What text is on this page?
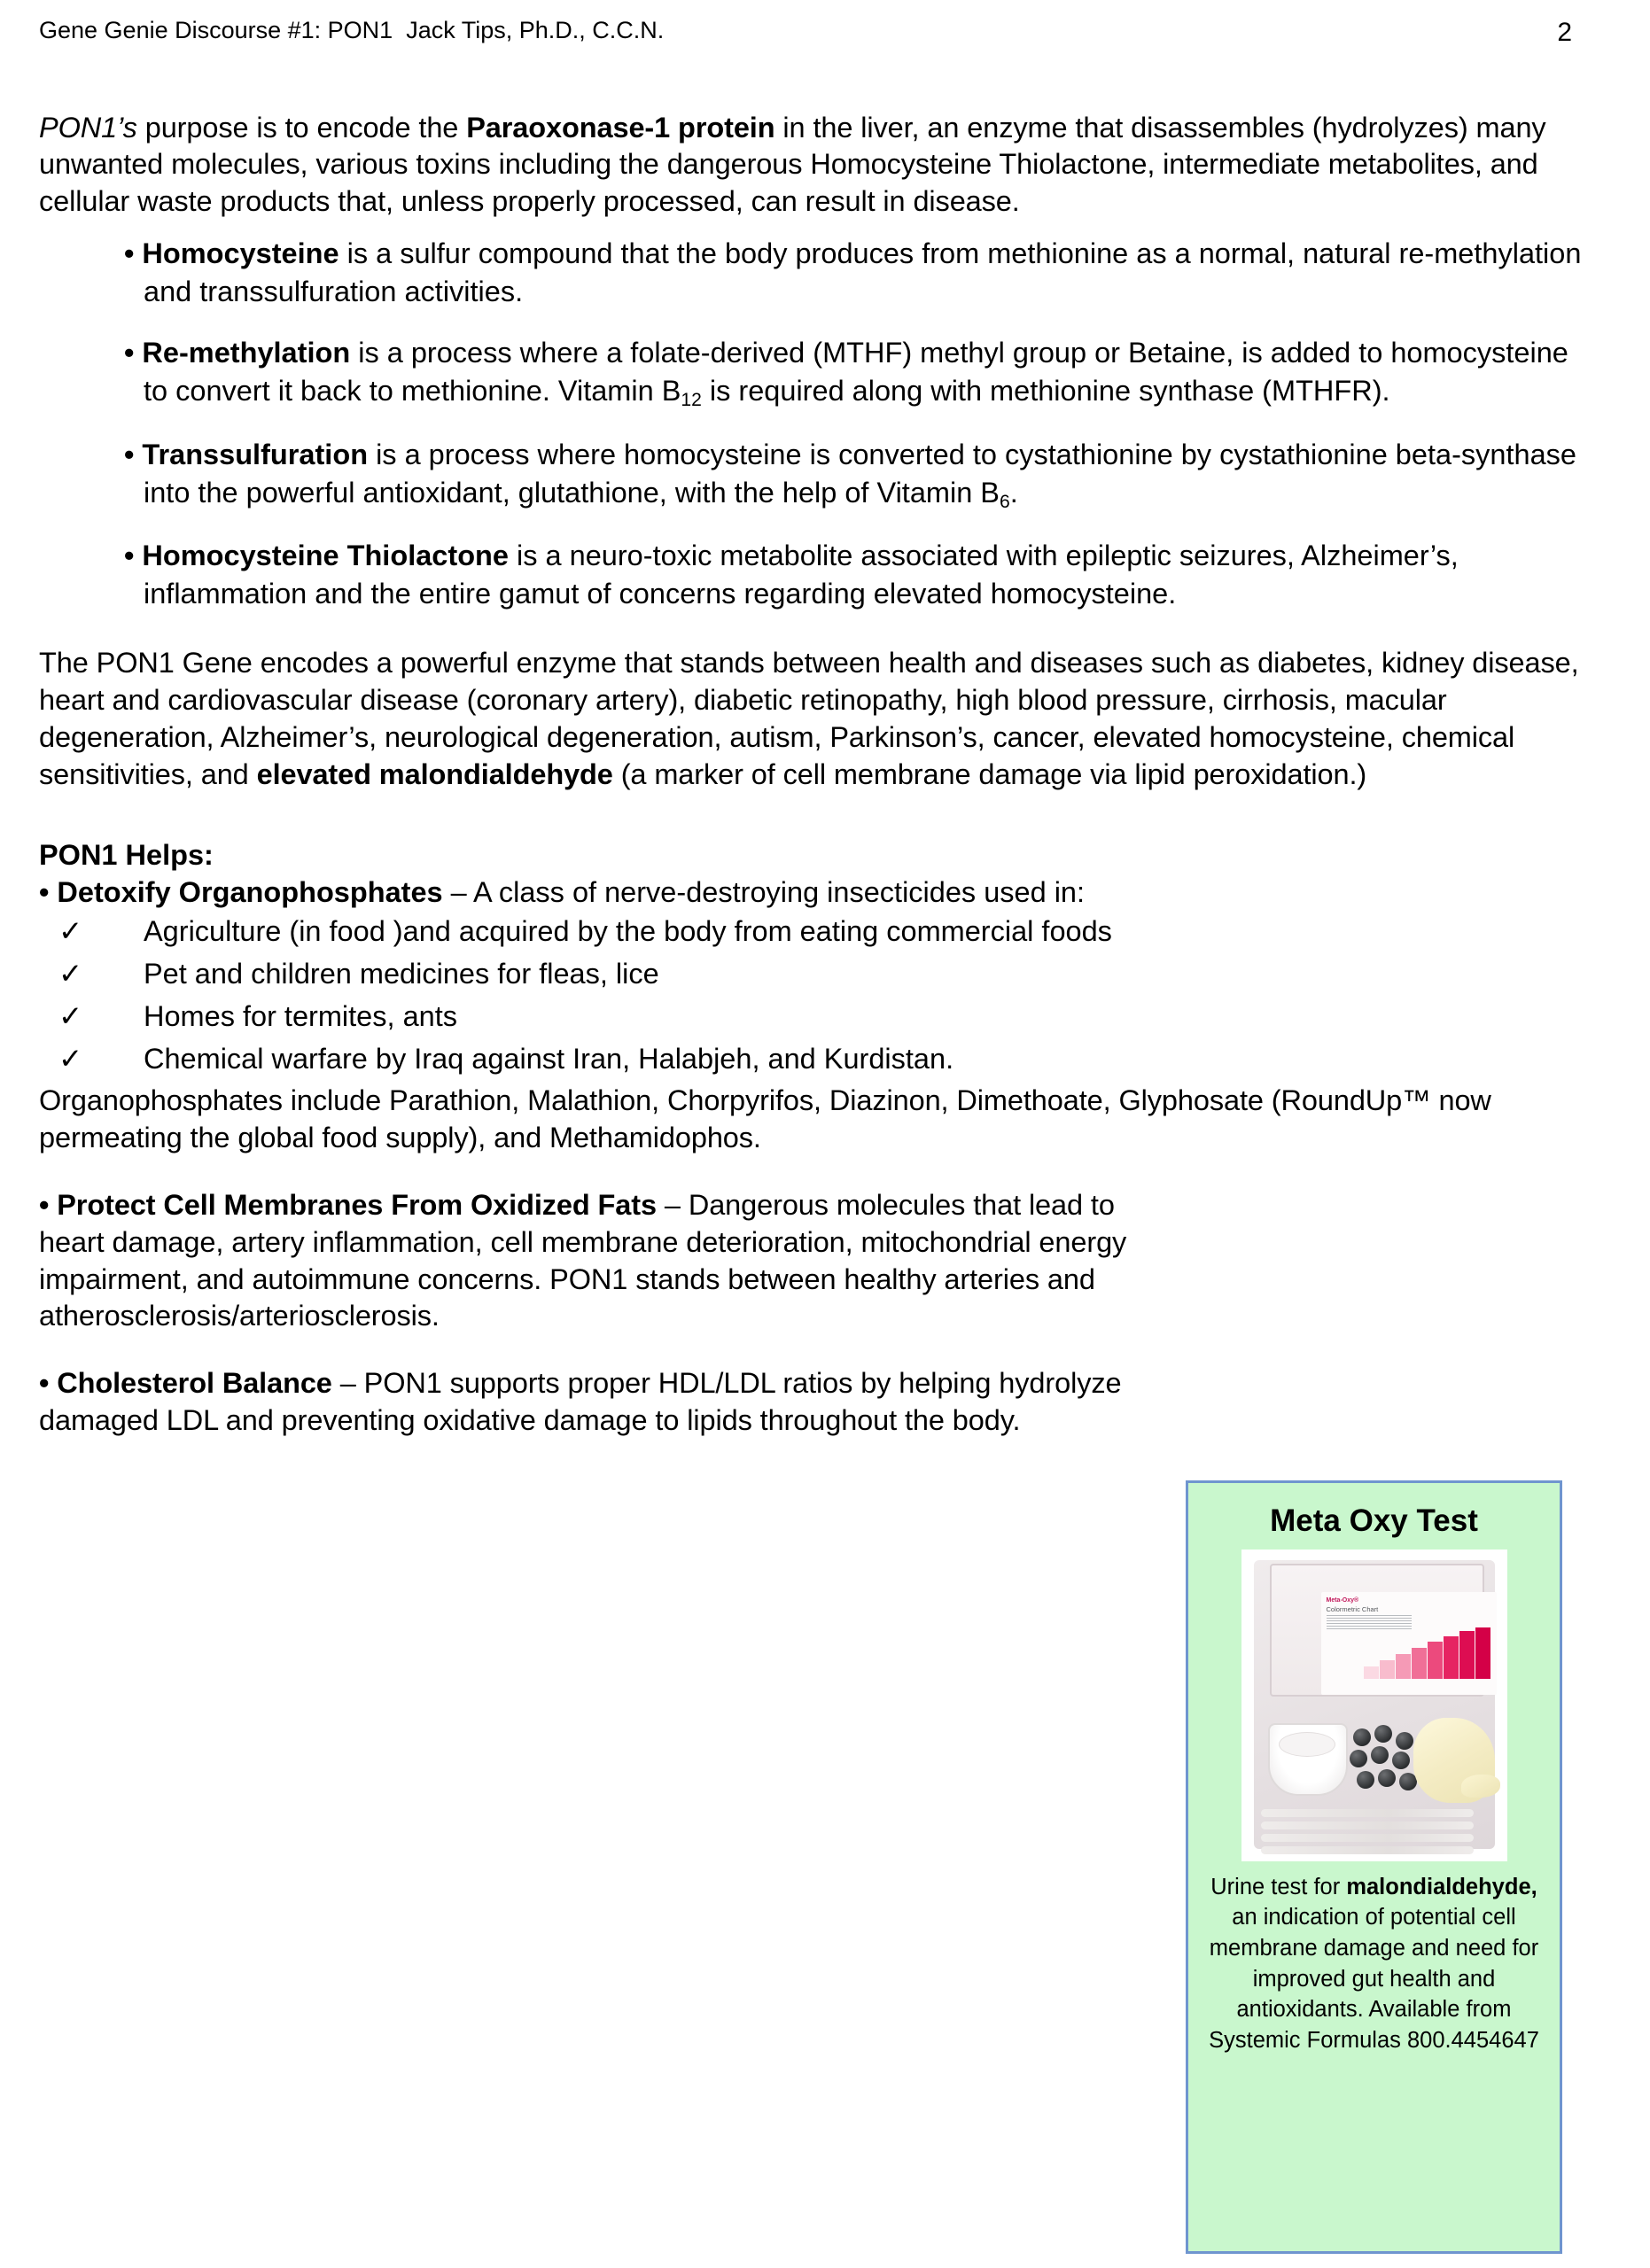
Gene Genie Discourse #1: PON1  Jack Tips, Ph.D., C.C.N.	2

PON1’s purpose is to encode the Paraoxonase-1 protein in the liver, an enzyme that disassembles (hydrolyzes) many unwanted molecules, various toxins including the dangerous Homocysteine Thiolactone, intermediate metabolites, and cellular waste products that, unless properly processed, can result in disease.

• Homocysteine is a sulfur compound that the body produces from methionine as a normal, natural re-methylation and transsulfuration activities.

• Re-methylation is a process where a folate-derived (MTHF) methyl group or Betaine, is added to homocysteine to convert it back to methionine. Vitamin $B_{12}$ is required along with methionine synthase (MTHFR).

• Transsulfuration is a process where homocysteine is converted to cystathionine by cystathionine beta-synthase into the powerful antioxidant, glutathione, with the help of Vitamin $B_6$.

• Homocysteine Thiolactone is a neuro-toxic metabolite associated with epileptic seizures, Alzheimer’s, inflammation and the entire gamut of concerns regarding elevated homocysteine.

The PON1 Gene encodes a powerful enzyme that stands between health and diseases such as diabetes, kidney disease, heart and cardiovascular disease (coronary artery), diabetic retinopathy, high blood pressure, cirrhosis, macular degeneration, Alzheimer’s, neurological degeneration, autism, Parkinson’s, cancer, elevated homocysteine, chemical sensitivities, and elevated malondialdehyde (a marker of cell membrane damage via lipid peroxidation.)

PON1 Helps:

• Detoxify Organophosphates – A class of nerve-destroying insecticides used in:

✓ Agriculture (in food )and acquired by the body from eating commercial foods
✓ Pet and children medicines for fleas, lice
✓ Homes for termites, ants
✓ Chemical warfare by Iraq against Iran, Halabjeh, and Kurdistan.

Organophosphates include Parathion, Malathion, Chorpyrifos, Diazinon, Dimethoate, Glyphosate (RoundUp™ now permeating the global food supply), and Methamidophos.

• Protect Cell Membranes From Oxidized Fats – Dangerous molecules that lead to heart damage, artery inflammation, cell membrane deterioration, mitochondrial energy impairment, and autoimmune concerns. PON1 stands between healthy arteries and atherosclerosis/arteriosclerosis.

• Cholesterol Balance – PON1 supports proper HDL/LDL ratios by helping hydrolyze damaged LDL and preventing oxidative damage to lipids throughout the body.

Meta Oxy Test
Meta-Oxy®
Colormetric Chart
Urine test for malondialdehyde, an indication of potential cell membrane damage and need for improved gut health and antioxidants. Available from Systemic Formulas 800.4454647
